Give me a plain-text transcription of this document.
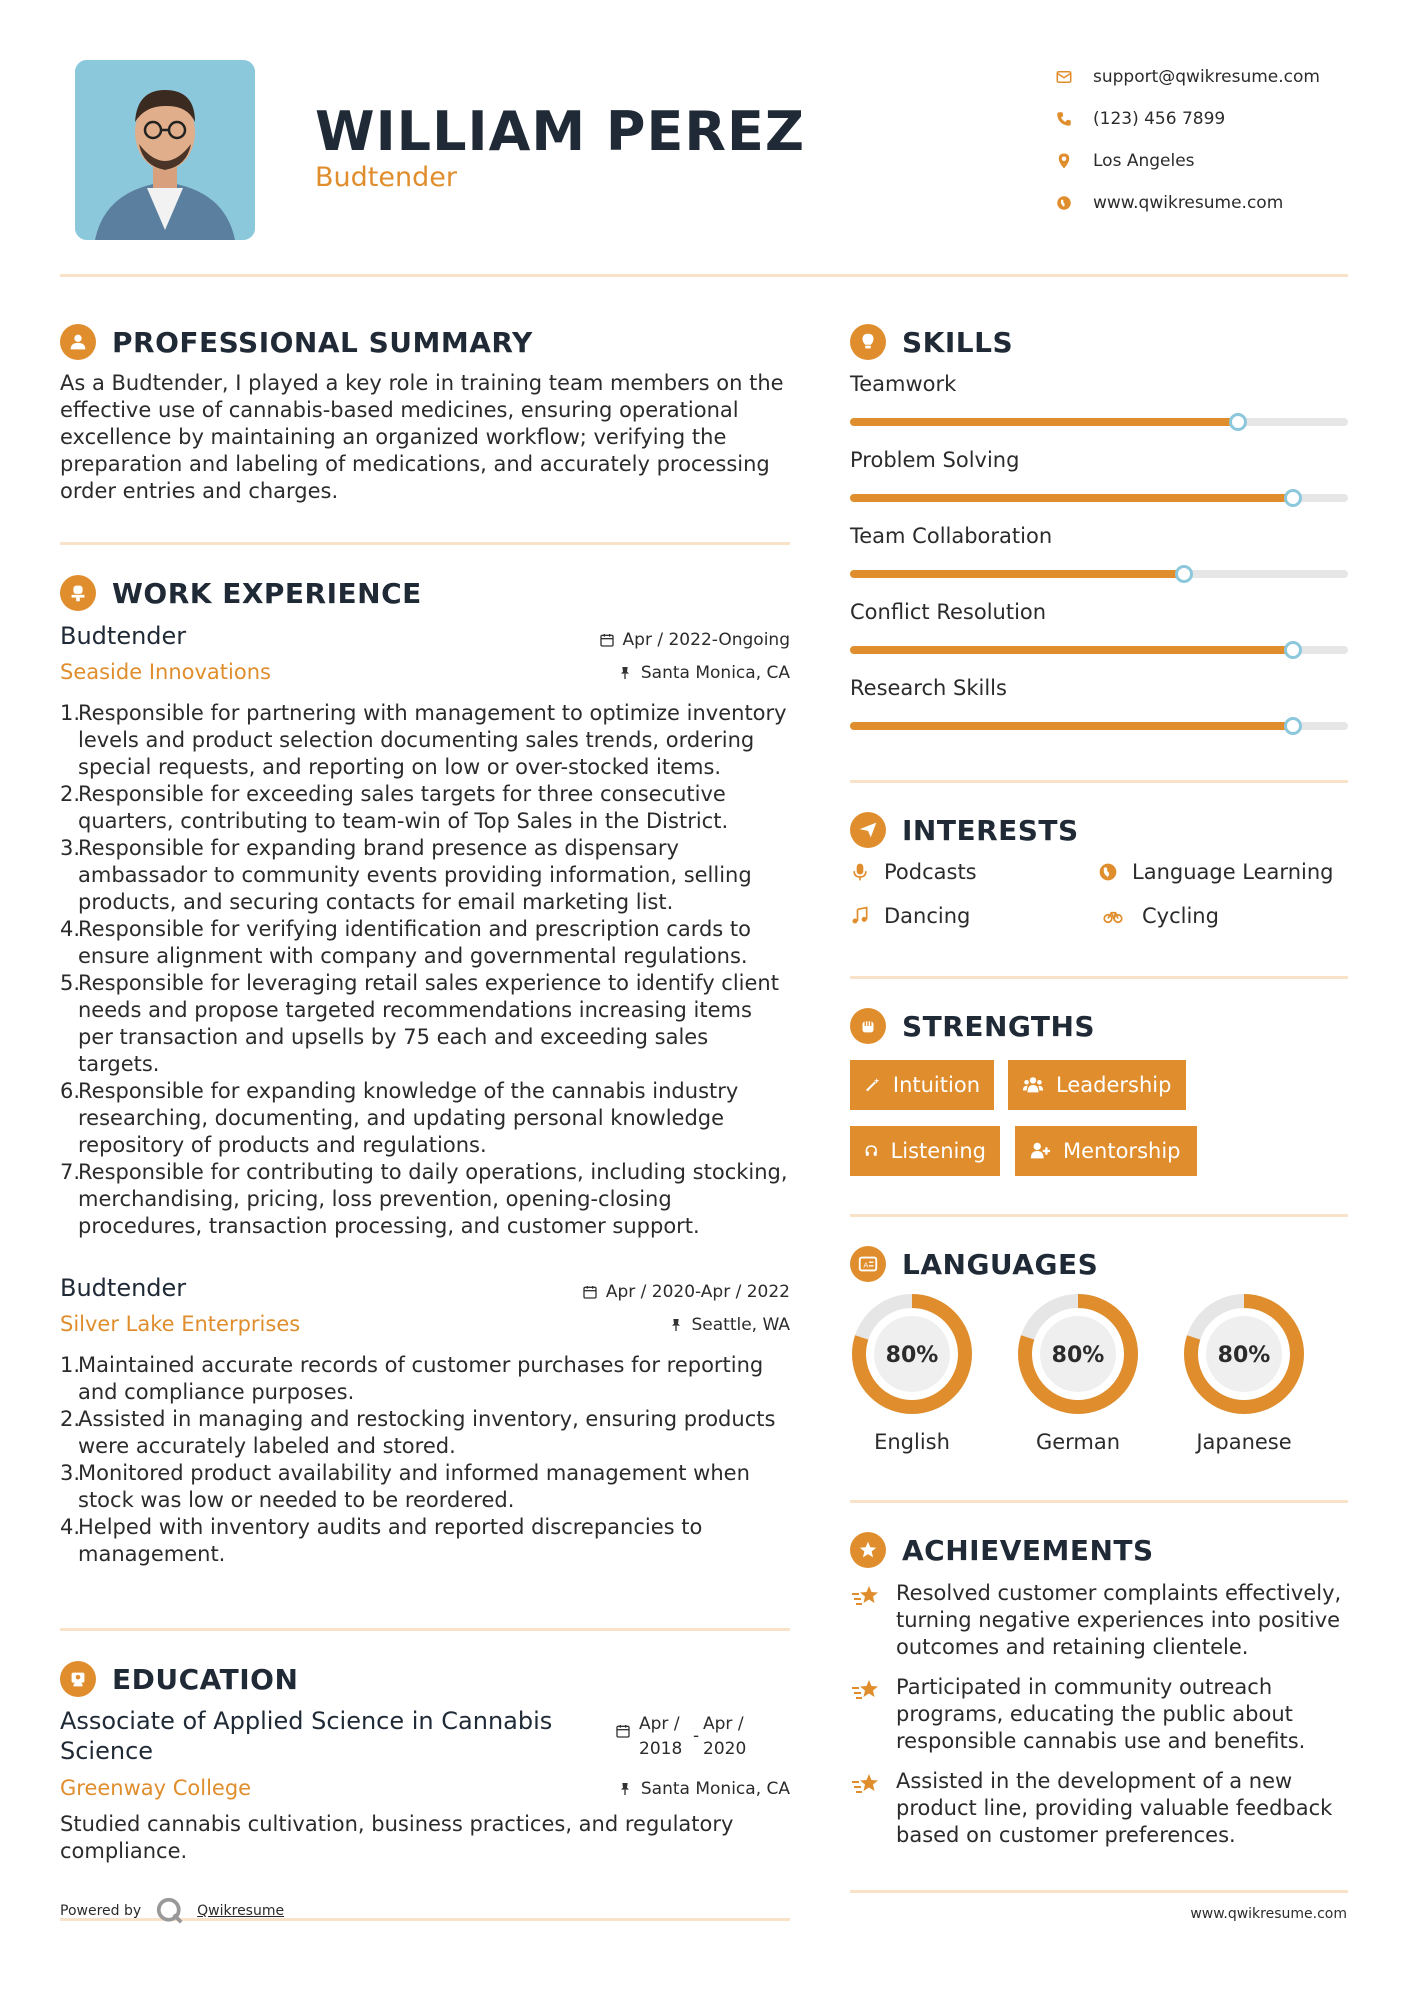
WILLIAM PEREZ
Budtender
support@qwikresume.com
(123) 456 7899
Los Angeles
www.qwikresume.com
PROFESSIONAL SUMMARY
As a Budtender, I played a key role in training team members on the
effective use of cannabis-based medicines, ensuring operational
excellence by maintaining an organized workflow; verifying the
preparation and labeling of medications, and accurately processing
order entries and charges.
WORK EXPERIENCE
Budtender
Seaside Innovations
Apr / 2022-Ongoing
Santa Monica, CA
1.
Responsible for partnering with management to optimize inventory
levels and product selection documenting sales trends, ordering
special requests, and reporting on low or over-stocked items.
2.
Responsible for exceeding sales targets for three consecutive
quarters, contributing to team-win of Top Sales in the District.
3.
Responsible for expanding brand presence as dispensary
ambassador to community events providing information, selling
products, and securing contacts for email marketing list.
4.
Responsible for verifying identification and prescription cards to
ensure alignment with company and governmental regulations.
5.
Responsible for leveraging retail sales experience to identify client
needs and propose targeted recommendations increasing items
per transaction and upsells by 75 each and exceeding sales
targets.
6.
Responsible for expanding knowledge of the cannabis industry
researching, documenting, and updating personal knowledge
repository of products and regulations.
7.
Responsible for contributing to daily operations, including stocking,
merchandising, pricing, loss prevention, opening-closing
procedures, transaction processing, and customer support.
Budtender
Silver Lake Enterprises
Apr / 2020-Apr / 2022
Seattle, WA
1.
Maintained accurate records of customer purchases for reporting
and compliance purposes.
2.
Assisted in managing and restocking inventory, ensuring products
were accurately labeled and stored.
3.
Monitored product availability and informed management when
stock was low or needed to be reordered.
4.
Helped with inventory audits and reported discrepancies to
management.
EDUCATION
Associate of Applied Science in Cannabis
Science
Apr /
2018
-
Apr /
2020
Greenway College	Santa Monica, CA
Studied cannabis cultivation, business practices, and regulatory
compliance.
SKILLS
Teamwork
Problem Solving
Team Collaboration
Conflict Resolution
Research Skills
INTERESTS
Podcasts	Language Learning
Dancing	Cycling
STRENGTHS
Intuition	Leadership
Listening	Mentorship
A LANGUAGES
80%
English
80%
German
80%
Japanese
ACHIEVEMENTS
Resolved customer complaints effectively,
turning negative experiences into positive
outcomes and retaining clientele.
Participated in community outreach
programs, educating the public about
responsible cannabis use and benefits.
Assisted in the development of a new
product line, providing valuable feedback
based on customer preferences.
Powered by	Qwikresume	www.qwikresume.com
